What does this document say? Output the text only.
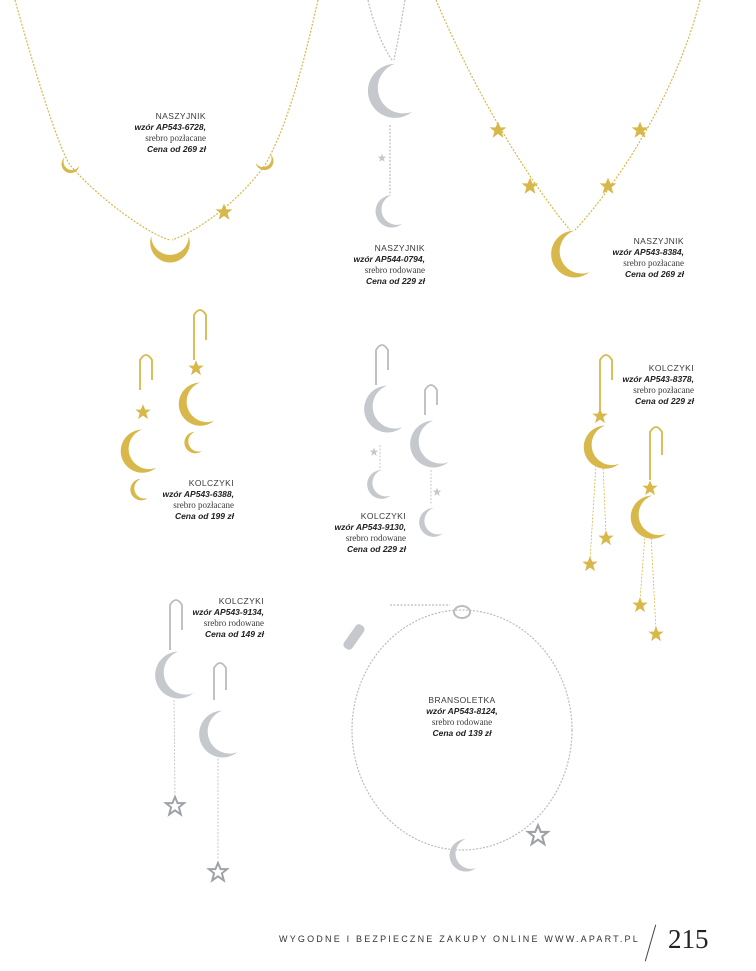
NASZYJNIK
wzór AP543-6728,
srebro pozłacane
Cena od 269 zł
NASZYJNIK
wzór AP544-0794,
srebro rodowane
Cena od 229 zł
NASZYJNIK
wzór AP543-8384,
srebro pozłacane
Cena od 269 zł
KOLCZYKI
wzór AP543-6388,
srebro pozłacane
Cena od 199 zł	KOLCZYKI
wzór AP543-9130,
srebro rodowane
Cena od 229 zł
KOLCZYKI
wzór AP543-8378,
srebro pozłacane
Cena od 229 zł
KOLCZYKI
wzór AP543-9134,
srebro rodowane
Cena od 149 zł
BRANSOLETKA
wzór AP543-8124,
srebro rodowane
Cena od 139 zł
WYGODNE I BEZPIECZNE ZAKUPY ONLINE WWW.APART.PL 215
